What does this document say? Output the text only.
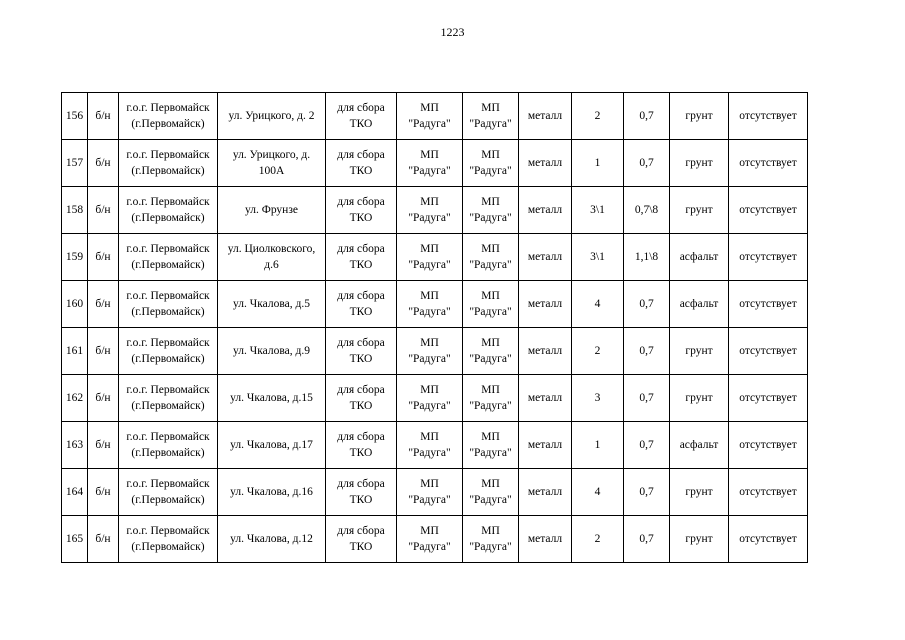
1223
156	б/н	г.о.г. Первомайск (г.Первомайск)	ул. Урицкого, д. 2	для сбора ТКО	МП "Радуга"	МП "Радуга"	металл	2	0,7	грунт	отсутствует
157	б/н	г.о.г. Первомайск (г.Первомайск)	ул. Урицкого, д. 100А	для сбора ТКО	МП "Радуга"	МП "Радуга"	металл	1	0,7	грунт	отсутствует
158	б/н	г.о.г. Первомайск (г.Первомайск)	ул. Фрунзе	для сбора ТКО	МП "Радуга"	МП "Радуга"	металл	3\1	0,7\8	грунт	отсутствует
159	б/н	г.о.г. Первомайск (г.Первомайск)	ул. Циолковского, д.6	для сбора ТКО	МП "Радуга"	МП "Радуга"	металл	3\1	1,1\8	асфальт	отсутствует
160	б/н	г.о.г. Первомайск (г.Первомайск)	ул. Чкалова, д.5	для сбора ТКО	МП "Радуга"	МП "Радуга"	металл	4	0,7	асфальт	отсутствует
161	б/н	г.о.г. Первомайск (г.Первомайск)	ул. Чкалова, д.9	для сбора ТКО	МП "Радуга"	МП "Радуга"	металл	2	0,7	грунт	отсутствует
162	б/н	г.о.г. Первомайск (г.Первомайск)	ул. Чкалова, д.15	для сбора ТКО	МП "Радуга"	МП "Радуга"	металл	3	0,7	грунт	отсутствует
163	б/н	г.о.г. Первомайск (г.Первомайск)	ул. Чкалова, д.17	для сбора ТКО	МП "Радуга"	МП "Радуга"	металл	1	0,7	асфальт	отсутствует
164	б/н	г.о.г. Первомайск (г.Первомайск)	ул. Чкалова, д.16	для сбора ТКО	МП "Радуга"	МП "Радуга"	металл	4	0,7	грунт	отсутствует
165	б/н	г.о.г. Первомайск (г.Первомайск)	ул. Чкалова, д.12	для сбора ТКО	МП "Радуга"	МП "Радуга"	металл	2	0,7	грунт	отсутствует
